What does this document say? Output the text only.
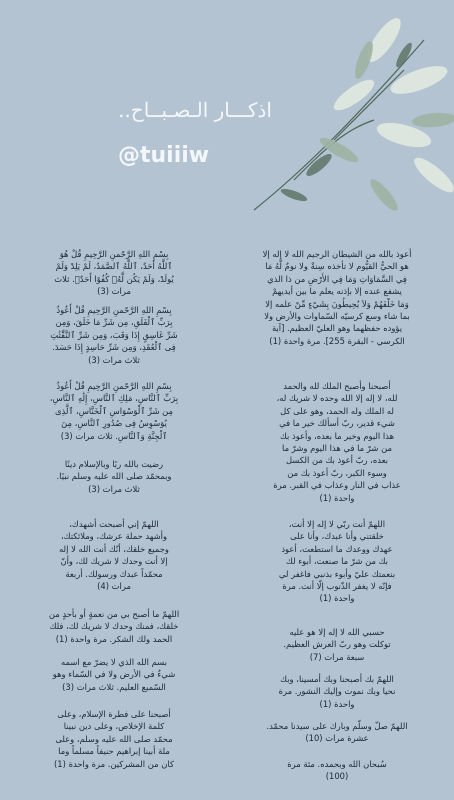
اذكـــار الـصـبــاح..
@tuiiiw
أعوذ بالله من الشيطان الرجيم الله لا إله إلا
هو الحيُّ القيُّوم لا تأخذه سِنةٌ ولا نومٌ لَّهُ مَا
فِي السَّمَاوَاتِ وَمَا فِي الأَرْضِ من ذا الذي
يشفع عنده إلا بإذنه يعلم ما بين أيديهمْ
وَمَا خَلْفَهُمْ وَلاَ يُحِيطُونَ بِشَيْءٍ مِّنْ علمه إلا
بما شاء وسع كرسيّه السّماوات والأرض ولا
يؤوده حفظهما وهو العليّ العظيم. [آية
الكرسي - البقرة 255]. مرة واحدة (1)
أصبحنا وأصبح الملك لله والحمد
لله، لا إله إلا الله وحده لا شريك له،
له الملك وله الحمد، وهو على كل
شيء قدير، ربّ أسألك خير ما في
هذا اليوم وخير ما بعده، وأعوذ بك
من شرّ ما في هذا اليوم وشرّ ما
بعده، ربّ أعوذ بك من الكسل
وسوء الكبر، ربّ أعوذ بك من
عذاب في النار وعذاب في القبر. مرة
واحدة (1)
اللهمّ أنت ربّي لا إله إلا أنت،
خلقتني وأنا عبدك، وأنا على
عهدك ووعدك ما استطعت، أعوذ
بك من شرّ ما صنعت، أبوء لك
بنعمتك عليّ وأبوء بذنبي فاغفر لي
فإنّه لا يغفر الذّنوب إلّا أنت. مرة
واحدة (1)
حسبي الله لا إله إلا هو عليه
توكلت وهو ربّ العرش العظيم.
سبعة مرات (7)
اللهمّ بك أصبحنا وبك أمسينا، وبك
نحيا وبك نموت وإليك النشور. مرة
واحدة (1)
اللهمّ صلّ وسلّم وبارك على سيدنا محمّد.
عشرة مرات (10)
سُبحان الله وبحمده. مئة مرة
(100)
بِسْمِ اللهِ الرَّحْمنِ الرَّحِيمِ قُلْ هُوَ
ٱللَّهُ أَحَدٌ، ٱللَّهُ ٱلصَّمَدُ، لَمْ يَلِدْ وَلَمْ
يُولَدْ، وَلَمْ يَكُن لَّهُۥ كُفُوًا أَحَدٌۢ. ثلاث
مرات (3)
بِسْمِ اللهِ الرَّحْمنِ الرَّحِيمِ قُلْ أَعُوذُ
بِرَبِّ ٱلْفَلَقِ، مِن شَرِّ مَا خَلَقَ، وَمِن
شَرِّ غَاسِقٍ إِذَا وَقَبَ، وَمِن شَرِّ ٱلنَّفَّٰثَٰتِ
فِى ٱلْعُقَدِ، وَمِن شَرِّ حَاسِدٍ إِذَا حَسَدَ.
ثلاث مرات (3)
بِسْمِ اللهِ الرَّحْمنِ الرَّحِيمِ قُلْ أَعُوذُ
بِرَبِّ ٱلنَّاسِ، مَلِكِ ٱلنَّاسِ، إِلَٰهِ ٱلنَّاسِ،
مِن شَرِّ ٱلْوَسْوَاسِ ٱلْخَنَّاسِ، ٱلَّذِى
يُوَسْوِسُ فِى صُدُورِ ٱلنَّاسِ، مِنَ
ٱلْجِنَّةِ وَٱلنَّاسِ. ثلاث مرات (3)
رضيت بالله ربًا وبالإسلام دينًا
وبمحمّد صلى الله عليه وسلم نبيًا.
ثلاث مرات (3)
اللهمّ إني أصبحت أشهدك،
وأشهد حملة عرشك، وملائكتك،
وجميع خلقك، أنّك أنت الله لا إله
إلا أنت وحدك لا شريك لك، وأنّ
محمّداً عبدك ورسولك. أربعة
مرات (4)
اللهمّ ما أصبح بي من نعمةٍ أو بأحدٍ من
خلقك، فمنك وحدك لا شريك لك، فلك
الحمد ولك الشكر. مرة واحدة (1)
بسم الله الذي لا يضرّ مع اسمه
شيءٌ في الأرض ولا في السّماء وهو
السّميع العليم. ثلاث مرات (3)
أصبحنا على فطرة الإسلام، وعلى
كلمة الإخلاص، وعلى دين نبينا
محمّد صلى الله عليه وسلم، وعلى
ملة أبينا إبراهيم حنيفاً مسلماً وما
كان من المشركين. مرة واحدة (1)
